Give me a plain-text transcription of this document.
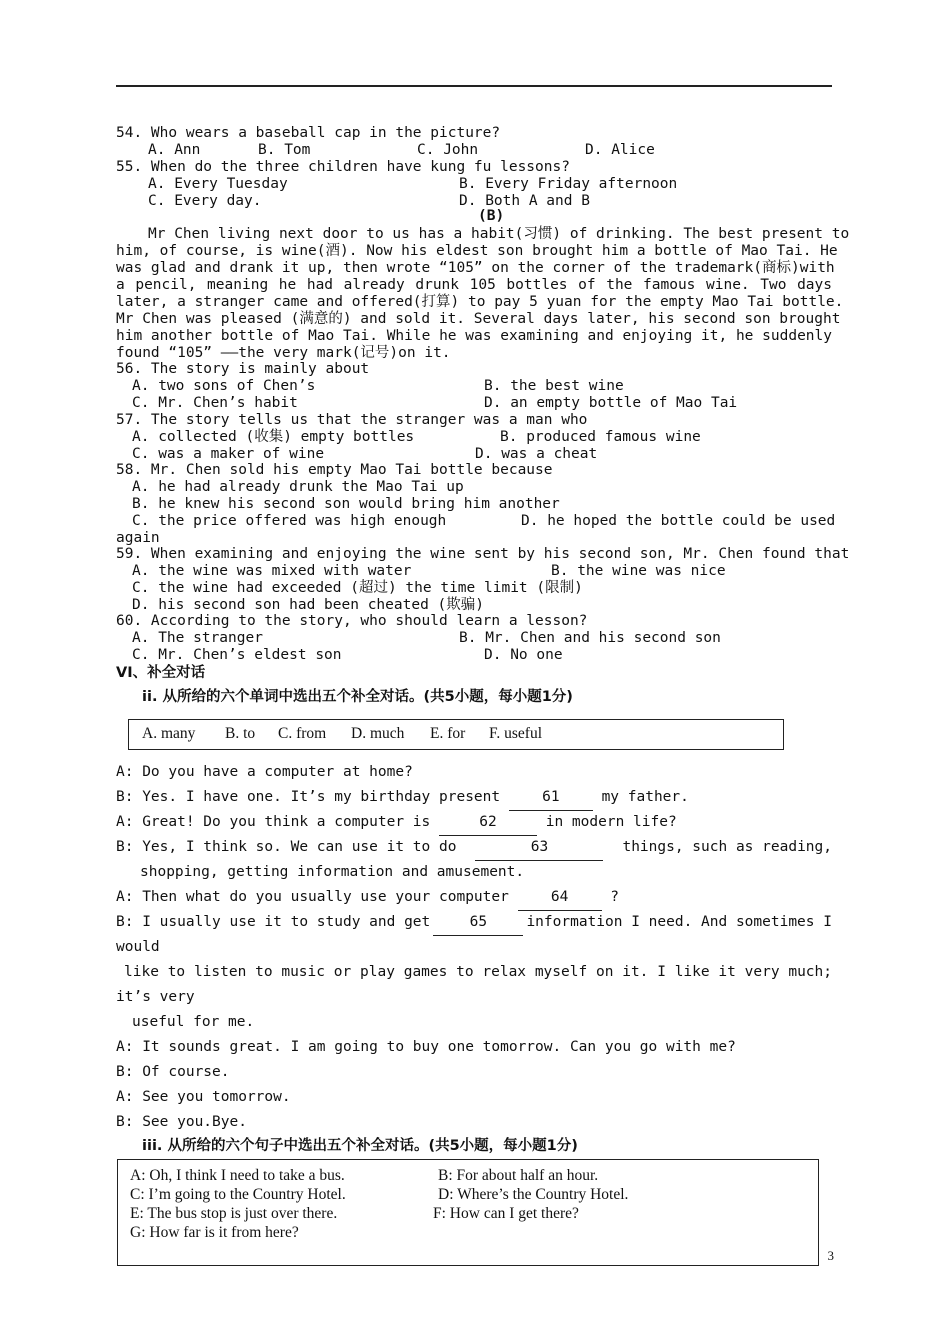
54. Who wears a baseball cap in the picture?
A. Ann	B. Tom	C. John	D. Alice
55. When do the three children have kung fu lessons?
A. Every Tuesday	B. Every Friday afternoon
C. Every day.	D. Both A and B
(B)
Mr Chen living next door to us has a habit(习惯) of drinking. The best present to
him, of course, is wine(酒). Now his eldest son brought him a bottle of Mao Tai. He
was glad and drank it up, then wrote “105” on the corner of the trademark(商标)with
a pencil, meaning he had already drunk 105 bottles of the famous wine. Two days
later, a stranger came and offered(打算) to pay 5 yuan for the empty Mao Tai bottle.
Mr Chen was pleased (满意的) and sold it. Several days later, his second son brought
him another bottle of Mao Tai. While he was examining and enjoying it, he suddenly
found “105” ——the very mark(记号)on it.
56. The story is mainly about
A. two sons of Chen’s	B. the best wine
C. Mr. Chen’s habit	D. an empty bottle of Mao Tai
57. The story tells us that the stranger was a man who
A. collected (收集) empty bottles	B. produced famous wine
C. was a maker of wine	D. was a cheat
58. Mr. Chen sold his empty Mao Tai bottle because
A. he had already drunk the Mao Tai up
B. he knew his second son would bring him another
C. the price offered was high enough	D. he hoped the bottle could be used
again
59. When examining and enjoying the wine sent by his second son, Mr. Chen found that
A. the wine was mixed with water	B. the wine was nice
C. the wine had exceeded (超过) the time limit (限制)
D. his second son had been cheated (欺骗)
60. According to the story, who should learn a lesson?
A. The stranger	B. Mr. Chen and his second son
C. Mr. Chen’s eldest son	D. No one
VI、补全对话
ii. 从所给的六个单词中选出五个补全对话。(共5小题，每小题1分)
A. many B. to C. from D. much E. for F. useful
A: Do you have a computer at home?
B: Yes. I have one. It’s my birthday present 61 my father.
A: Great! Do you think a computer is	62	in modern life?
B: Yes, I think so. We can use it to do	63	things, such as reading,
shopping, getting information and amusement.
A: Then what do you usually use your computer 64 ?
B: I usually use it to study and get	65	information I need. And sometimes I
would
like to listen to music or play games to relax myself on it. I like it very much;
it’s very
useful for me.
A: It sounds great. I am going to buy one tomorrow. Can you go with me?
B: Of course.
A: See you tomorrow.
B: See you.Bye.
iii. 从所给的六个句子中选出五个补全对话。(共5小题，每小题1分)
A: Oh, I think I need to take a bus.	B: For about half an hour.
C: I’m going to the Country Hotel.	D: Where’s the Country Hotel.
E: The bus stop is just over there.	F: How can I get there?
G: How far is it from here?
3
